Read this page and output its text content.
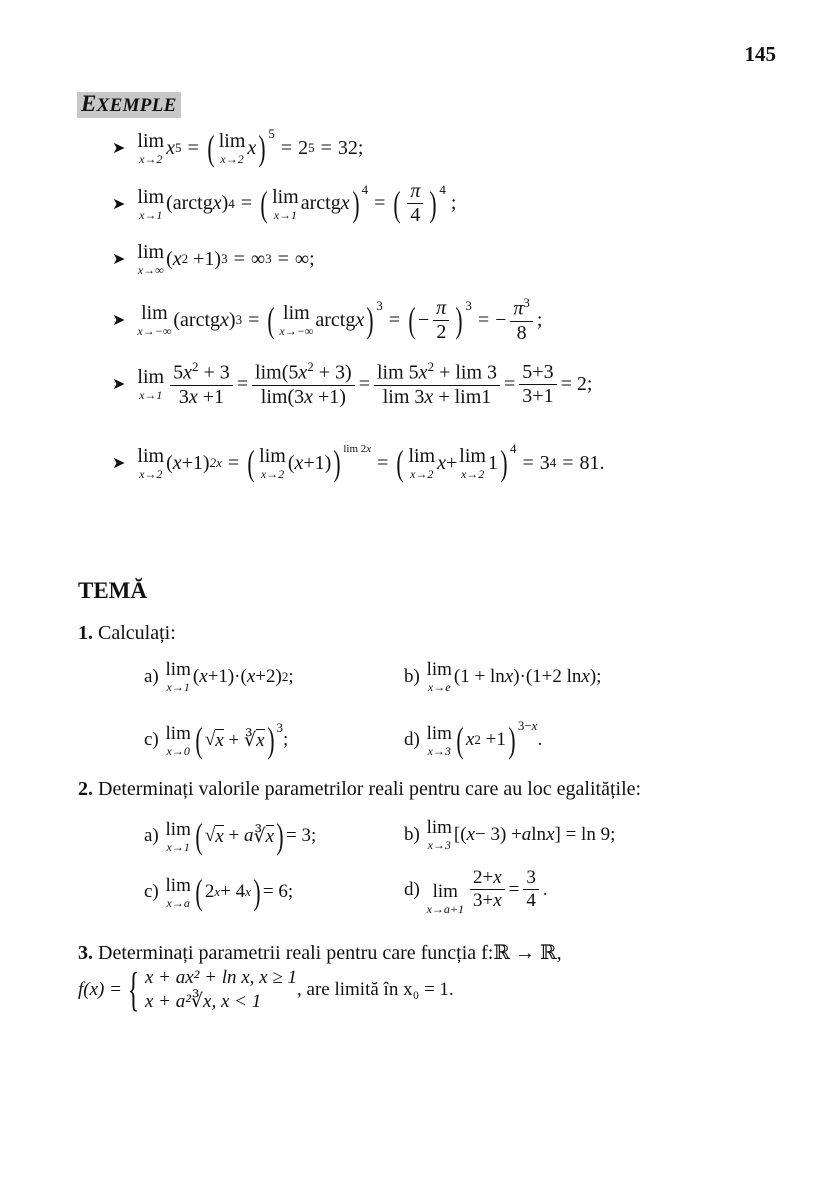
145
EXEMPLE
➤ lim
x→2
x 5 = ( lim
x→2
x )$^5$
= 2 5 = 32;
➤ lim
x→1
(arctg x ) 4 = ( lim
x→1
arctg x )$^4$
= ( $\frac{\pi}{4} )^4$
;
➤ lim
x→∞
( x 2 +1) 3 = ∞ 3 = ∞;
➤ lim
x→−∞
(arctg x ) 3 = ( lim
x→−∞
arctg x )$^3$
= ( − $\frac{\pi}{2} )^3$
= − $\frac{\pi^3}{8}$ ;
➤ lim
$x\to 1 \frac{5x^2 + 3}{3x +1} = \frac{\lim(5x^2 + 3)}{\lim(3x +1)} = \frac{\lim 5x^2 + \lim 3}{\lim 3x + \lim 1} = \frac{5+3}{3+1} = 2$;
➤ lim
x→2
( x +1) 2x = ( lim
x→2
( x +1) )$^{lim 2x}$
= ( lim
x→2
x + lim
x→2
1 )$^4$
= 3 4 = 81.
TEMĂ
1. Calculați:
a)
lim
x→1
( x +1)·( x +2) 2 ;	b)
lim
x→e
(1 + ln x )·(1+2 ln x );
c)
lim
x→0 ( √ x + ∛ x )$^3$
;	d)
lim
x→3 ( x 2 +1 )$^{3-x}$
.
2. Determinați valorile parametrilor reali pentru care au loc egalitățile:
a)
lim
x→1 ( √ x + a ∛ x ) = 3;	b)
lim
x→3
[( x − 3) + a ln x ] = ln 9;
c)
lim
x→a ( 2 x + 4 x ) = 6;	d)
lim
$x\to a+1 \frac{2+x}{3+x} = \frac{3}{4}$ .
3. Determinați parametrii reali pentru care funcția f:ℝ → ℝ,
f(x) = { x + ax² + ln x, x ≥ 1
x + a²∛x, x < 1
, are limită în x₀ = 1.
